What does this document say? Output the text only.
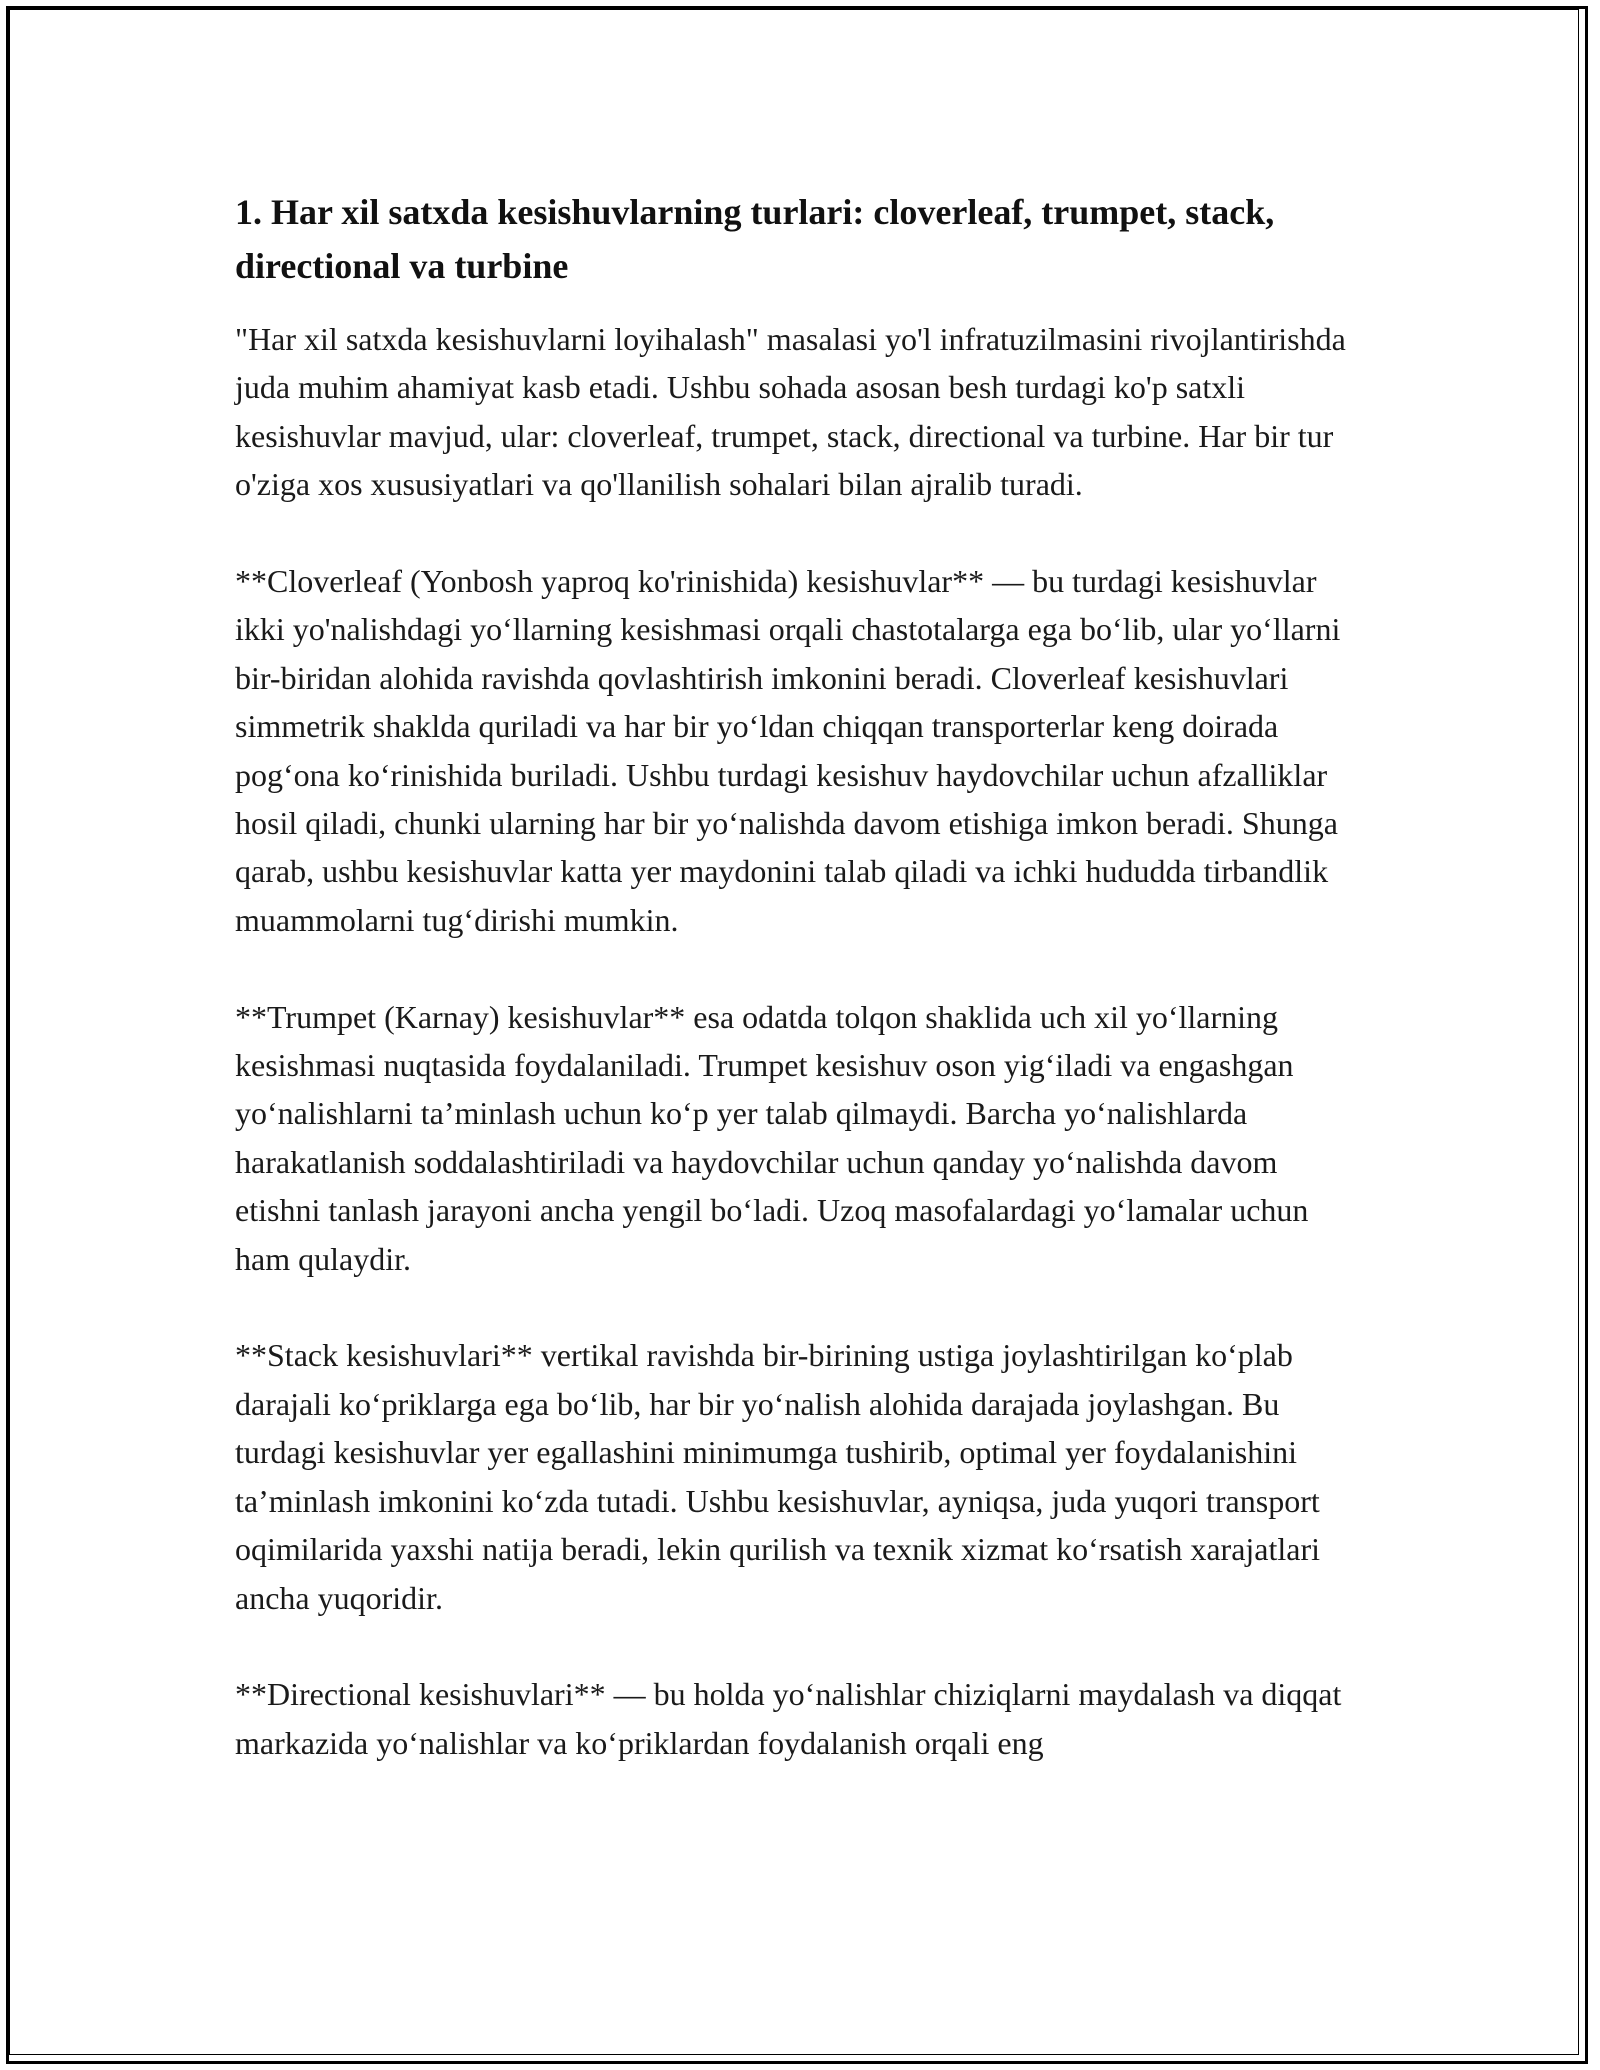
1. Har xil satxda kesishuvlarning turlari: cloverleaf, trumpet, stack, directional va turbine

"Har xil satxda kesishuvlarni loyihalash" masalasi yo'l infratuzilmasini rivojlantirishda juda muhim ahamiyat kasb etadi. Ushbu sohada asosan besh turdagi ko'p satxli kesishuvlar mavjud, ular: cloverleaf, trumpet, stack, directional va turbine. Har bir tur o'ziga xos xususiyatlari va qo'llanilish sohalari bilan ajralib turadi.

**Cloverleaf (Yonbosh yaproq ko'rinishida) kesishuvlar** — bu turdagi kesishuvlar ikki yo'nalishdagi yo‘llarning kesishmasi orqali chastotalarga ega bo‘lib, ular yo‘llarni bir-biridan alohida ravishda qovlashtirish imkonini beradi. Cloverleaf kesishuvlari simmetrik shaklda quriladi va har bir yo‘ldan chiqqan transporterlar keng doirada pog‘ona ko‘rinishida buriladi. Ushbu turdagi kesishuv haydovchilar uchun afzalliklar hosil qiladi, chunki ularning har bir yo‘nalishda davom etishiga imkon beradi. Shunga qarab, ushbu kesishuvlar katta yer maydonini talab qiladi va ichki hududda tirbandlik muammolarni tug‘dirishi mumkin.

**Trumpet (Karnay) kesishuvlar** esa odatda tolqon shaklida uch xil yo‘llarning kesishmasi nuqtasida foydalaniladi. Trumpet kesishuv oson yig‘iladi va engashgan yo‘nalishlarni ta’minlash uchun ko‘p yer talab qilmaydi. Barcha yo‘nalishlarda harakatlanish soddalashtiriladi va haydovchilar uchun qanday yo‘nalishda davom etishni tanlash jarayoni ancha yengil bo‘ladi. Uzoq masofalardagi yo‘lamalar uchun ham qulaydir.

**Stack kesishuvlari** vertikal ravishda bir-birining ustiga joylashtirilgan ko‘plab darajali ko‘priklarga ega bo‘lib, har bir yo‘nalish alohida darajada joylashgan. Bu turdagi kesishuvlar yer egallashini minimumga tushirib, optimal yer foydalanishini ta’minlash imkonini ko‘zda tutadi. Ushbu kesishuvlar, ayniqsa, juda yuqori transport oqimilarida yaxshi natija beradi, lekin qurilish va texnik xizmat ko‘rsatish xarajatlari ancha yuqoridir.

**Directional kesishuvlari** — bu holda yo‘nalishlar chiziqlarni maydalash va diqqat markazida yo‘nalishlar va ko‘priklardan foydalanish orqali eng
